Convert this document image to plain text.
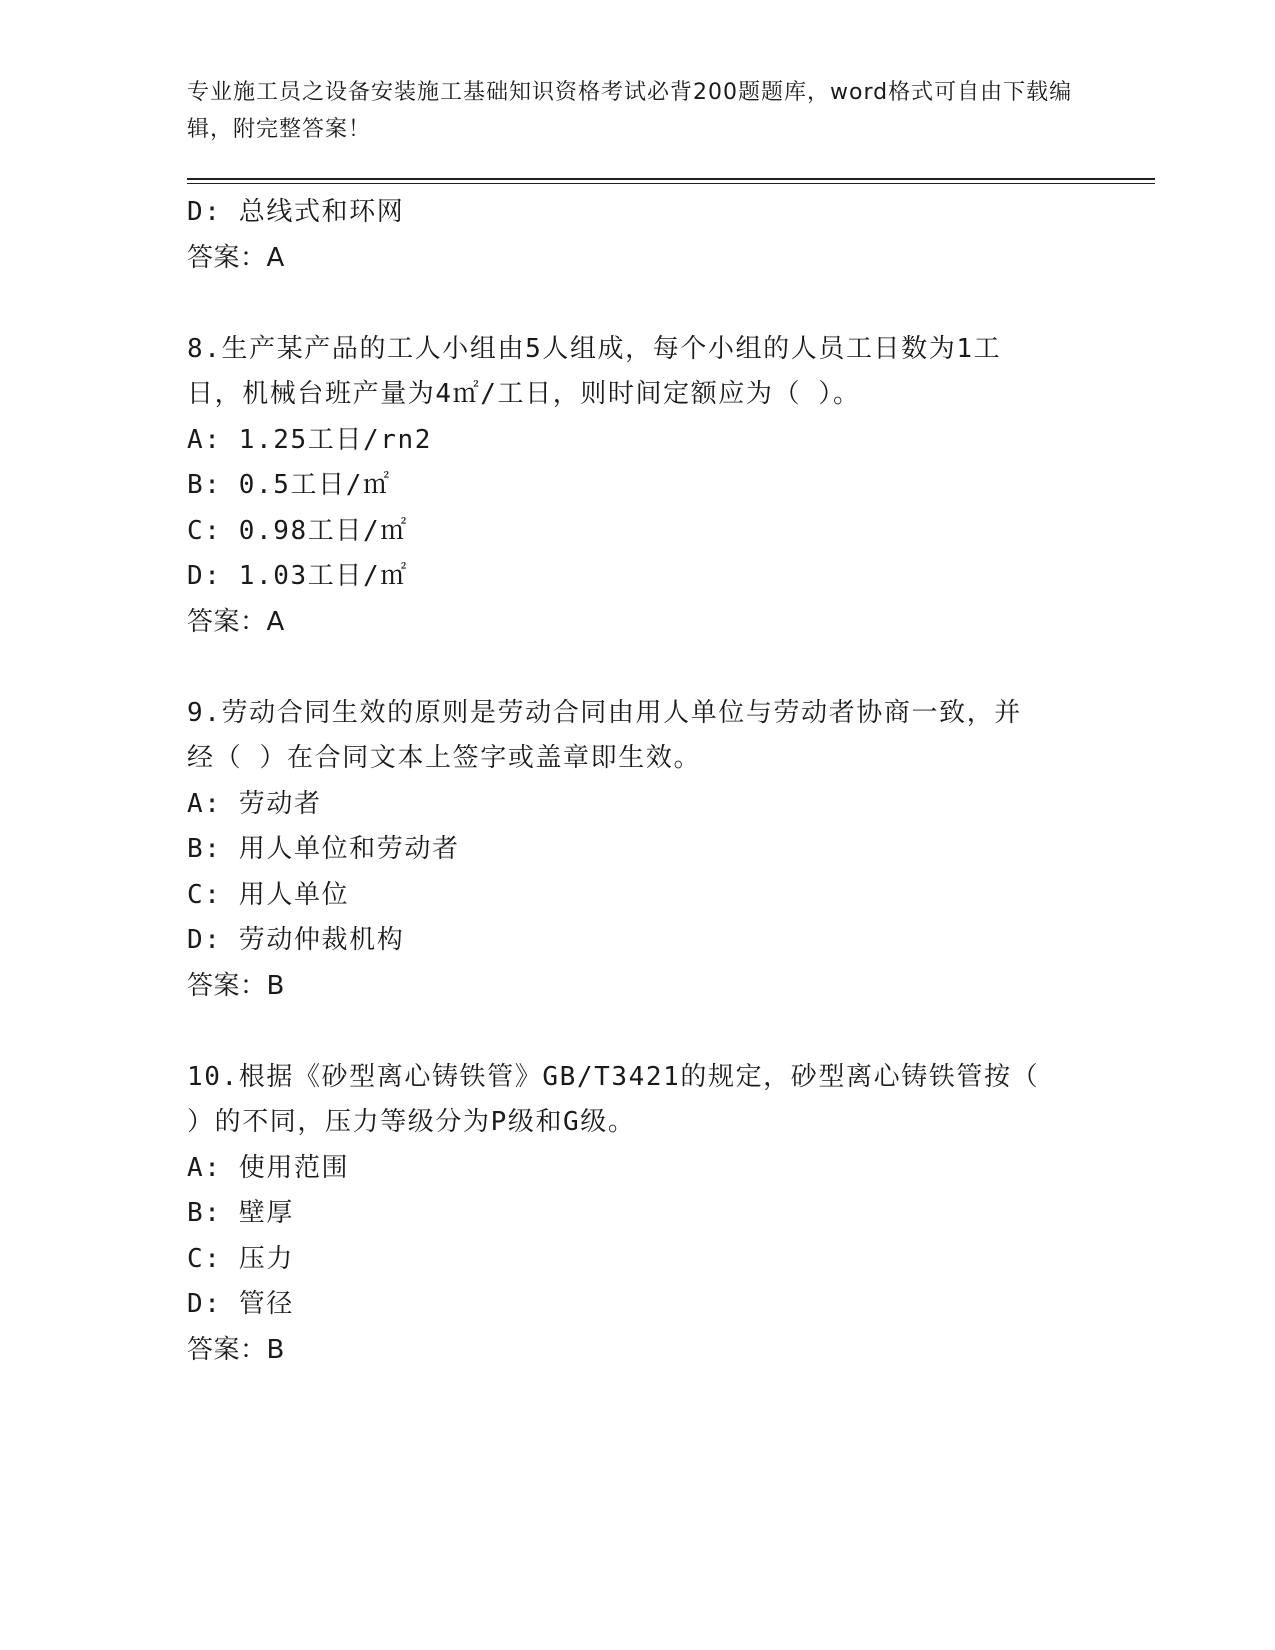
专业施工员之设备安装施工基础知识资格考试必背200题题库，word格式可自由下载编辑，附完整答案！
D: 总线式和环网
答案：A
8.生产某产品的工人小组由5人组成，每个小组的人员工日数为1工
日，机械台班产量为4㎡/工日，则时间定额应为（ ）。
A: 1.25工日/rn2
B: 0.5工日/㎡
C: 0.98工日/㎡
D: 1.03工日/㎡
答案：A
9.劳动合同生效的原则是劳动合同由用人单位与劳动者协商一致，并
经（ ）在合同文本上签字或盖章即生效。
A: 劳动者
B: 用人单位和劳动者
C: 用人单位
D: 劳动仲裁机构
答案：B
10.根据《砂型离心铸铁管》GB/T3421的规定，砂型离心铸铁管按（
）的不同，压力等级分为P级和G级。
A: 使用范围
B: 壁厚
C: 压力
D: 管径
答案：B
